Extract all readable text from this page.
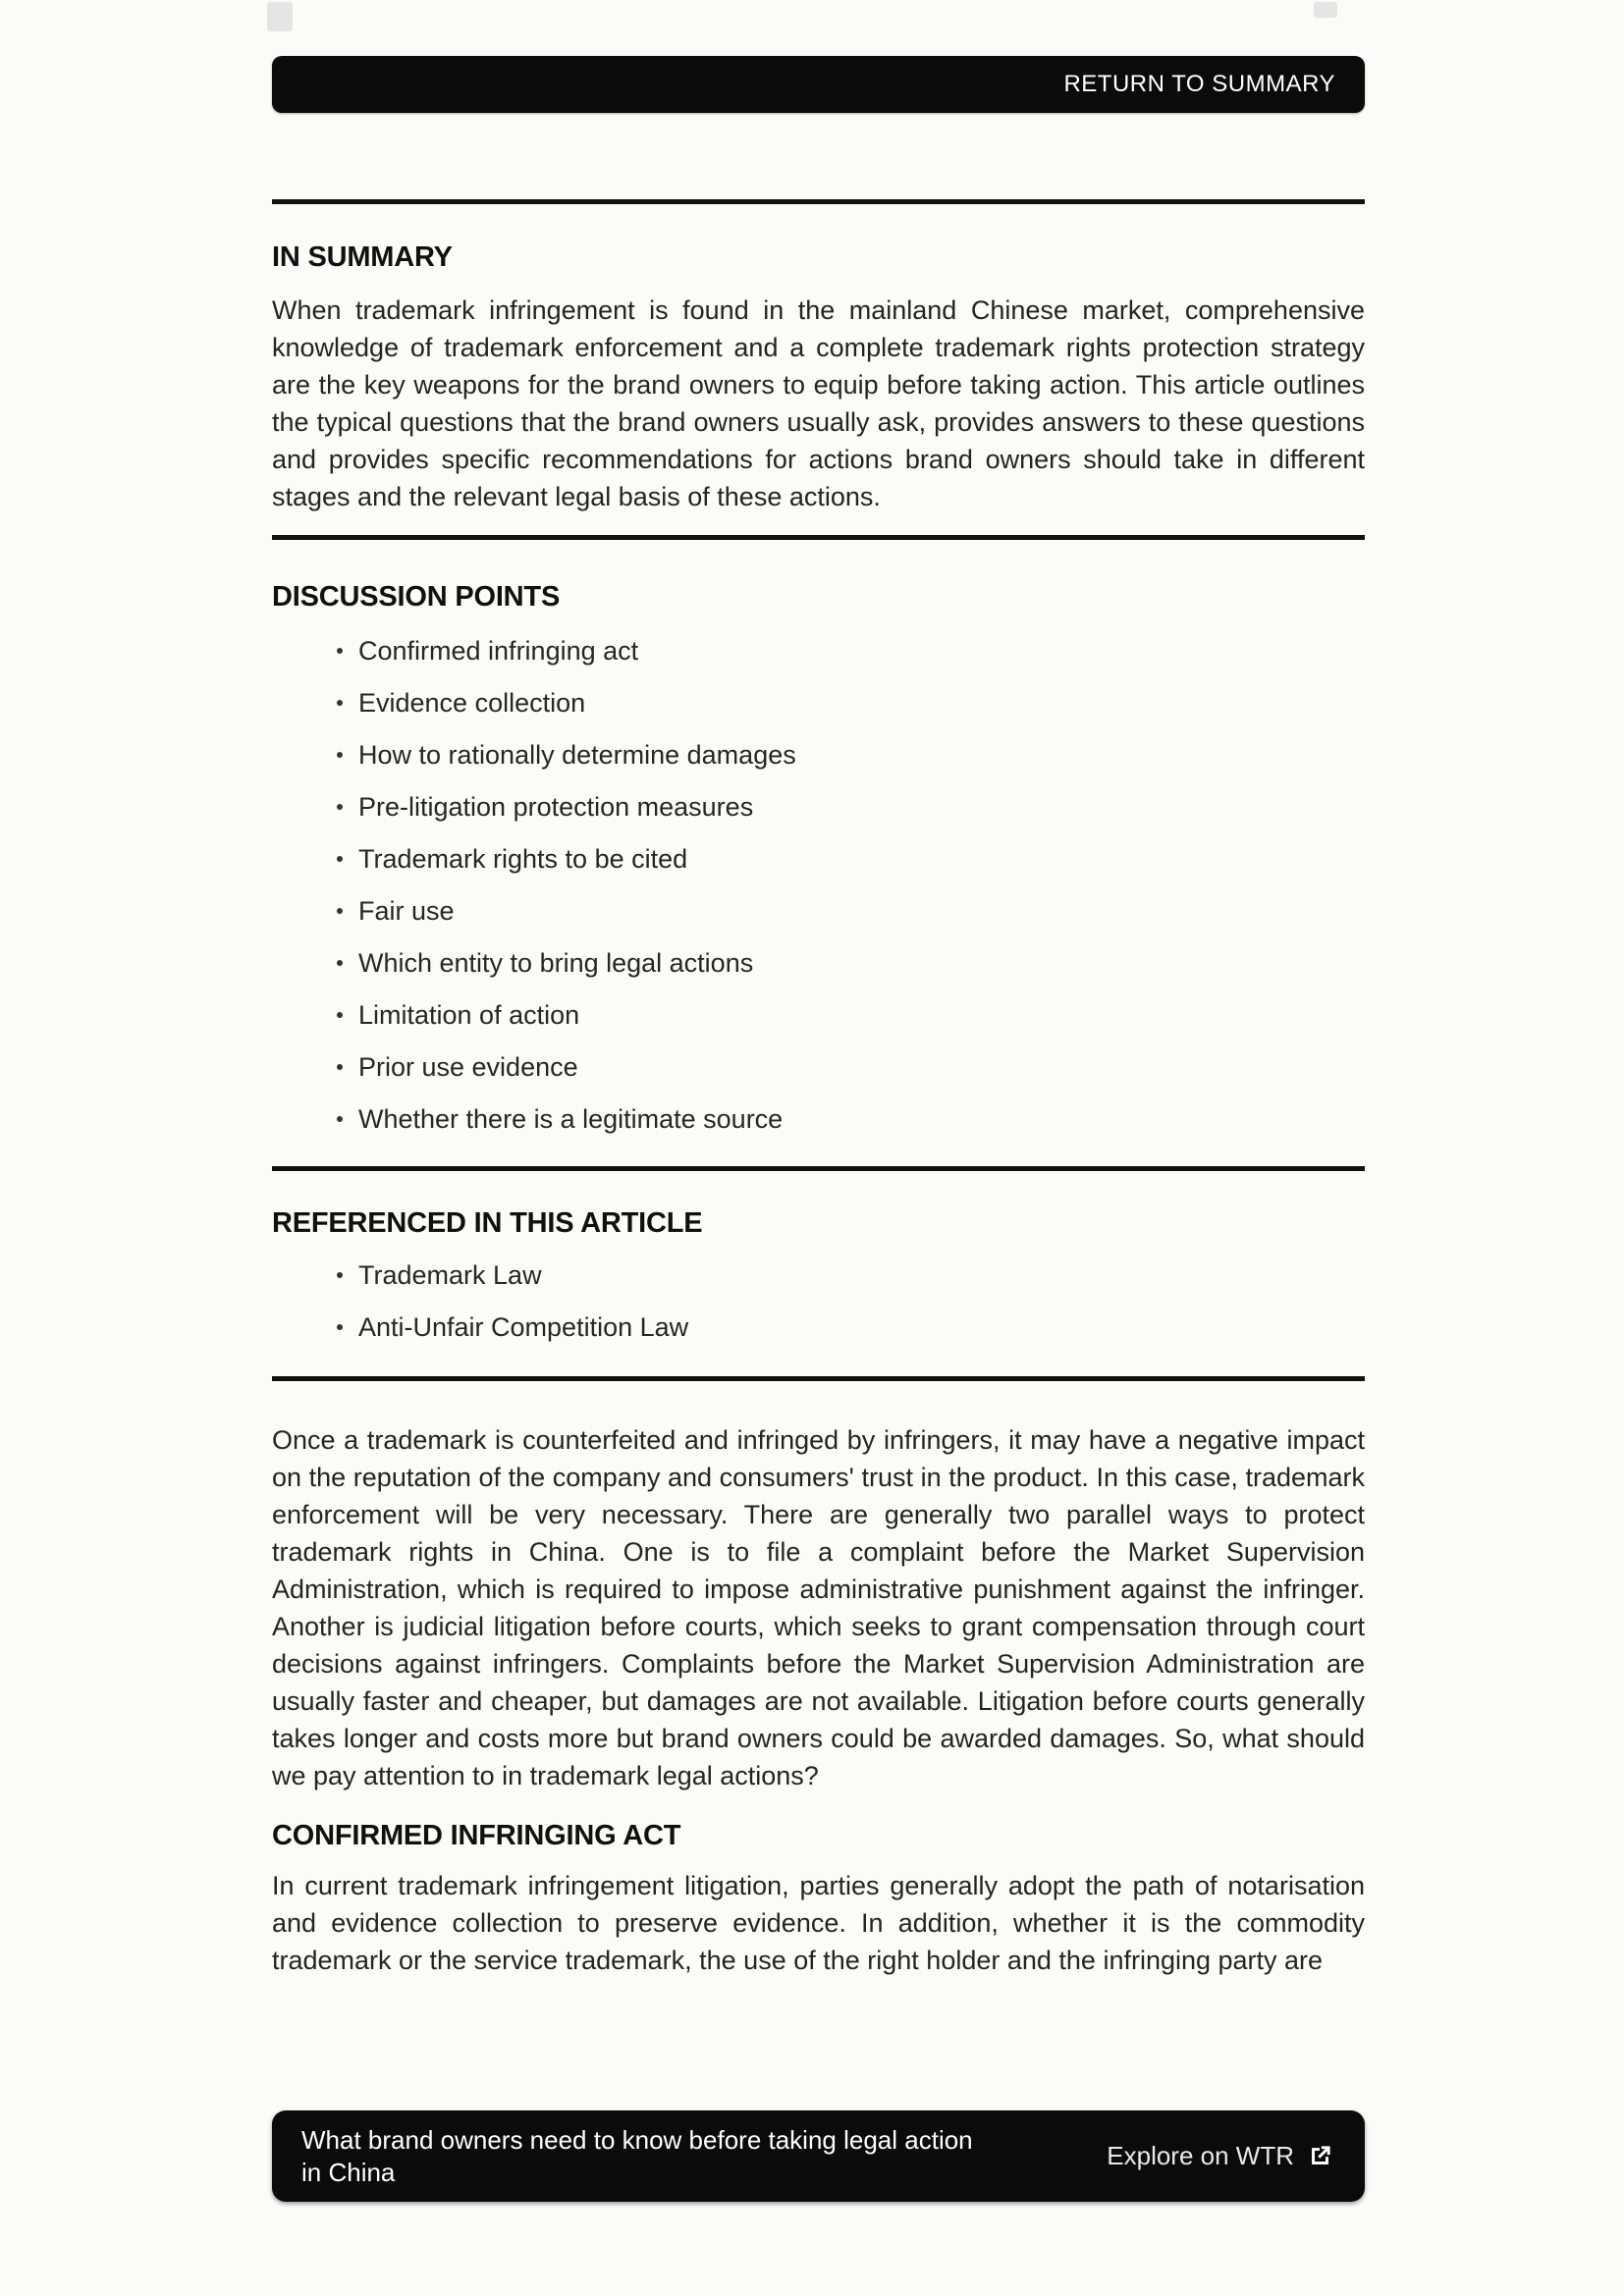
RETURN TO SUMMARY
IN SUMMARY

When trademark infringement is found in the mainland Chinese market, comprehensive knowledge of trademark enforcement and a complete trademark rights protection strategy are the key weapons for the brand owners to equip before taking action. This article outlines the typical questions that the brand owners usually ask, provides answers to these questions and provides specific recommendations for actions brand owners should take in different stages and the relevant legal basis of these actions.

DISCUSSION POINTS
Confirmed infringing act
Evidence collection
How to rationally determine damages
Pre-litigation protection measures
Trademark rights to be cited
Fair use
Which entity to bring legal actions
Limitation of action
Prior use evidence
Whether there is a legitimate source
REFERENCED IN THIS ARTICLE
Trademark Law
Anti-Unfair Competition Law

Once a trademark is counterfeited and infringed by infringers, it may have a negative impact on the reputation of the company and consumers' trust in the product. In this case, trademark enforcement will be very necessary. There are generally two parallel ways to protect trademark rights in China. One is to file a complaint before the Market Supervision Administration, which is required to impose administrative punishment against the infringer. Another is judicial litigation before courts, which seeks to grant compensation through court decisions against infringers. Complaints before the Market Supervision Administration are usually faster and cheaper, but damages are not available. Litigation before courts generally takes longer and costs more but brand owners could be awarded damages. So, what should we pay attention to in trademark legal actions?

CONFIRMED INFRINGING ACT

In current trademark infringement litigation, parties generally adopt the path of notarisation and evidence collection to preserve evidence. In addition, whether it is the commodity trademark or the service trademark, the use of the right holder and the infringing party are

What brand owners need to know before taking legal action in China
Explore on WTR
